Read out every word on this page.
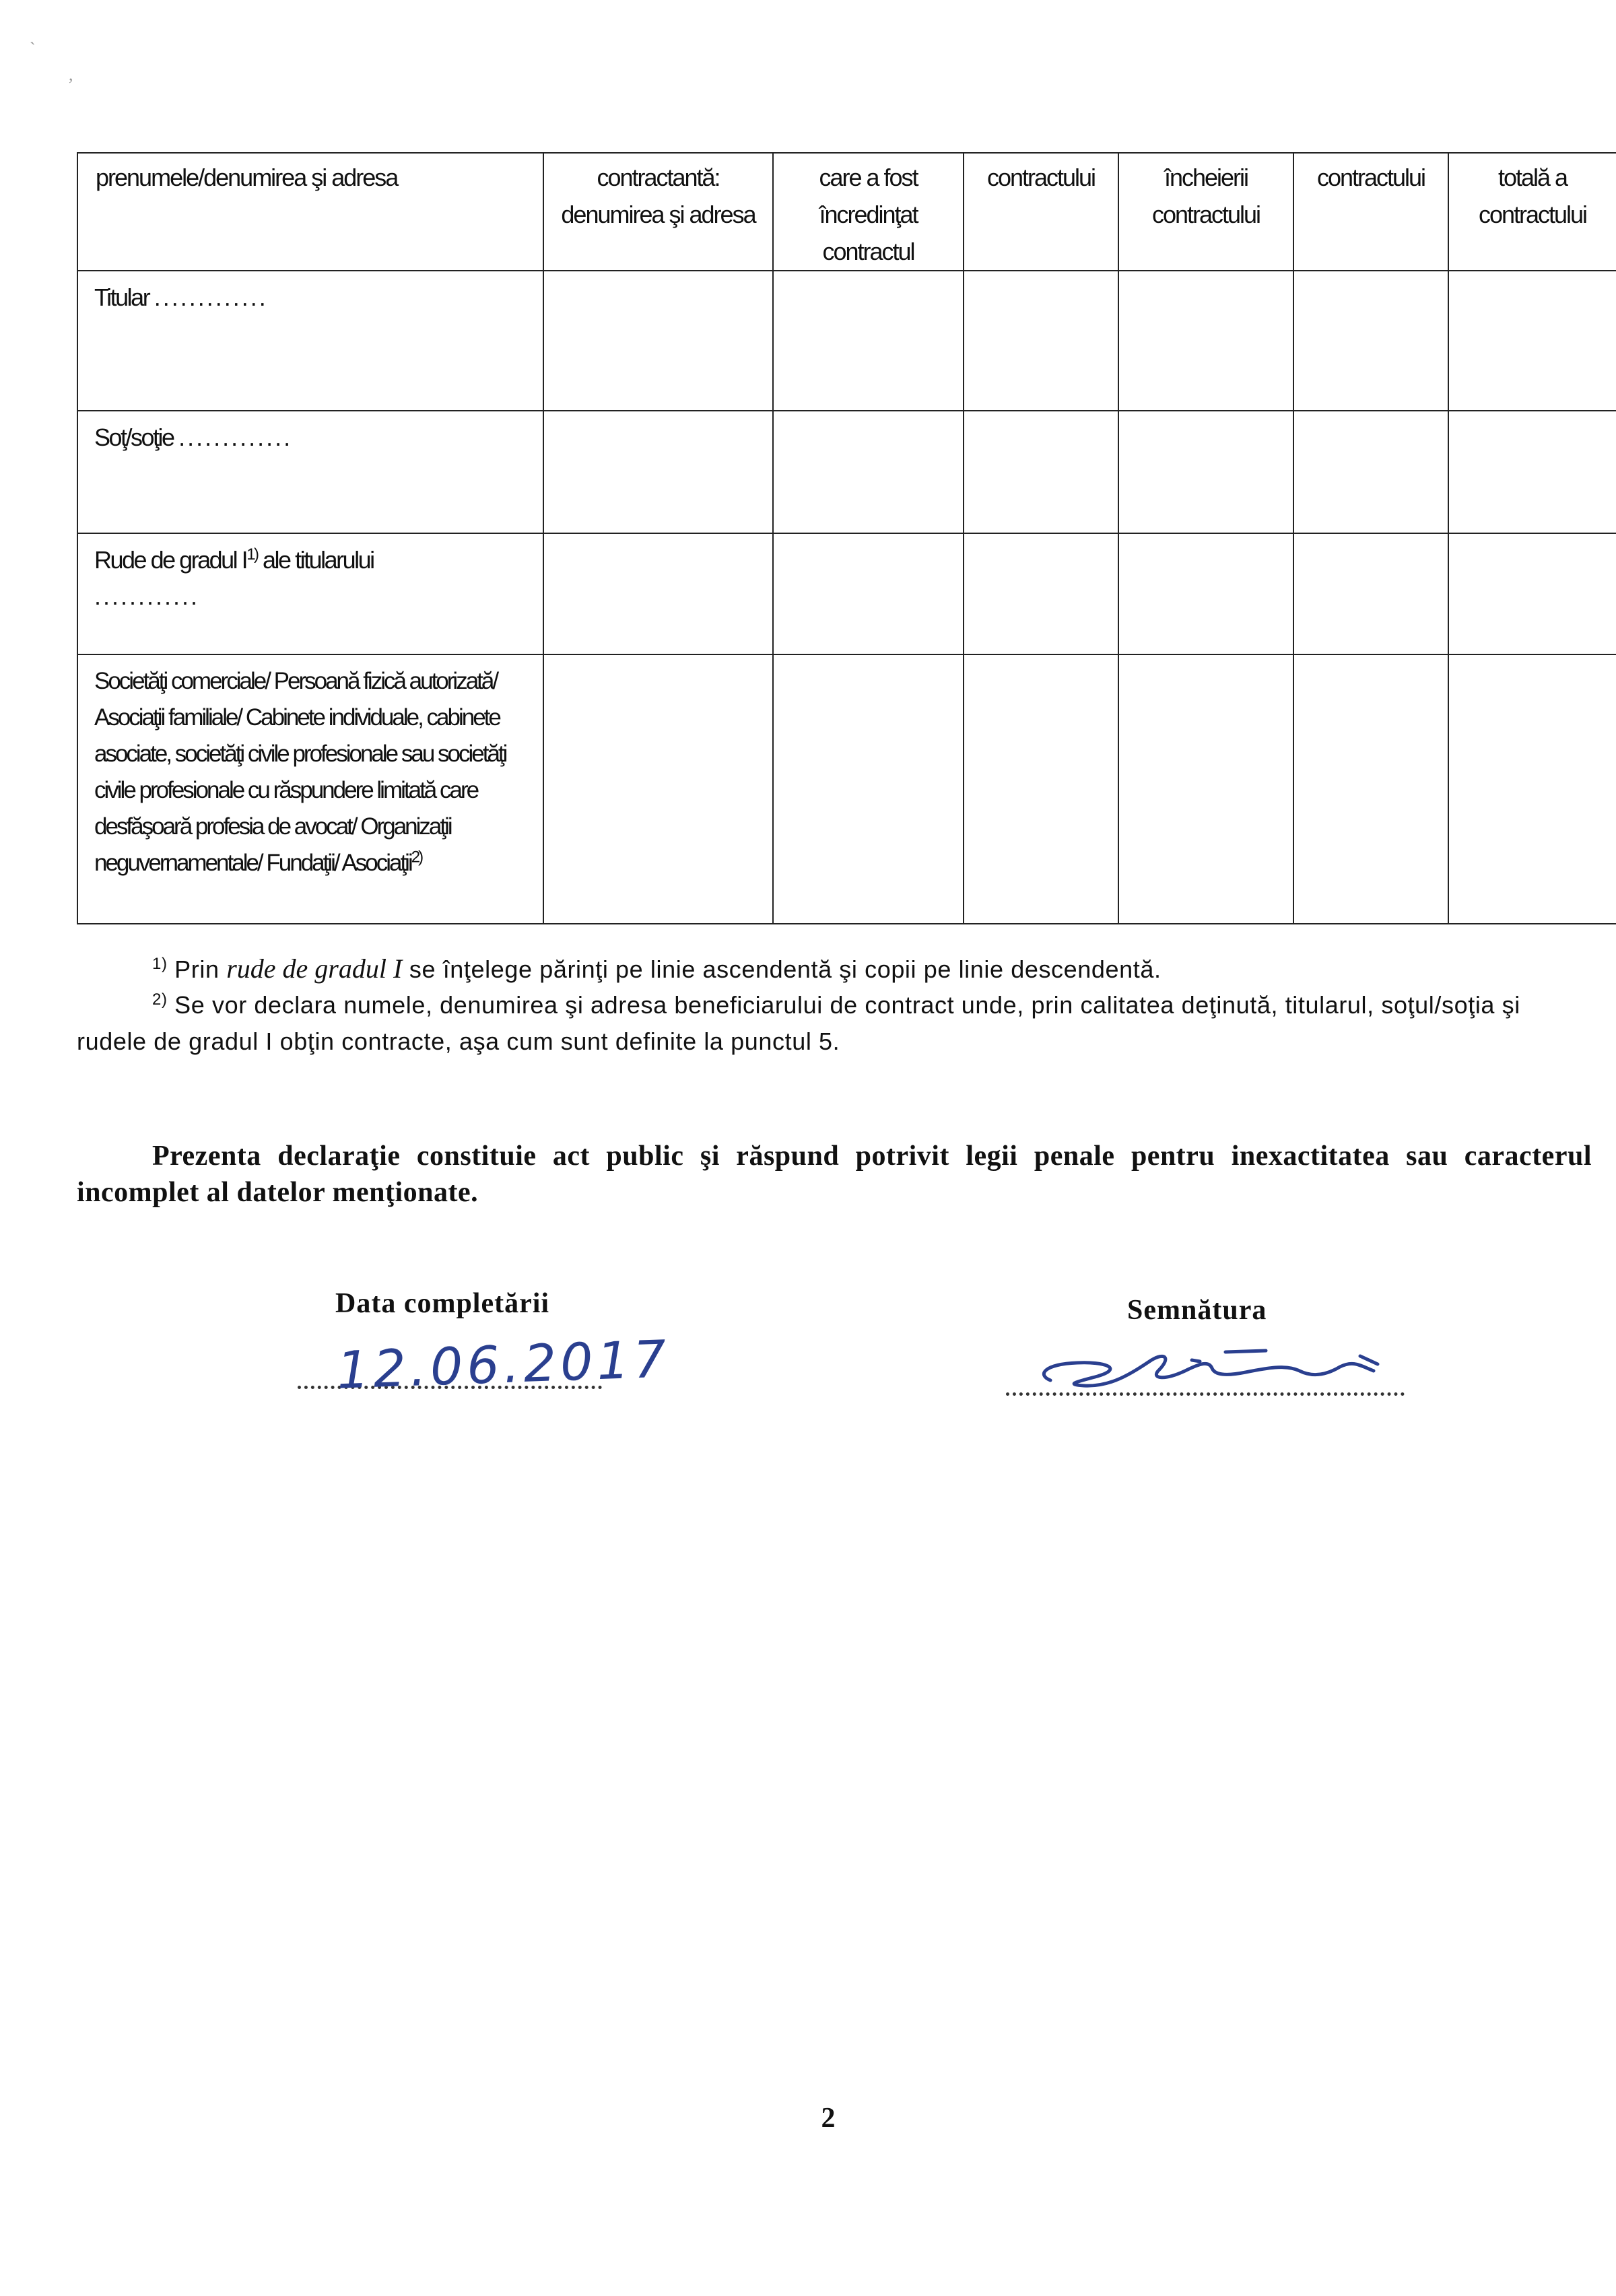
`
,
prenumele/denumirea şi adresa	contractantă: denumirea şi adresa	care a fost încredinţat contractul	contractului	încheierii contractului	contractului	totală a contractului
Titular .............						
Soţ/soţie .............						
Rude de gradul $I^{1)}$ ale titularului
............						
Societăţi comerciale/ Persoană fizică autorizată/ Asociaţii familiale/ Cabinete individuale, cabinete asociate, societăţi civile profesionale sau societăţi civile profesionale cu răspundere limitată care desfăşoară profesia de avocat/ Organizaţii neguvernamentale/ Fundaţii/ Asociaţii$^{2)}$						
$^{1)}$ Prin rude de gradul I se înţelege părinţi pe linie ascendentă şi copii pe linie descendentă.
$^{2)}$ Se vor declara numele, denumirea şi adresa beneficiarului de contract unde, prin calitatea deţinută, titularul, soţul/soţia şi rudele de gradul I obţin contracte, aşa cum sunt definite la punctul 5.
Prezenta declaraţie constituie act public şi răspund potrivit legii penale pentru inexactitatea sau caracterul incomplet al datelor menţionate.
Data completării
12.06.2017
Semnătura
2
